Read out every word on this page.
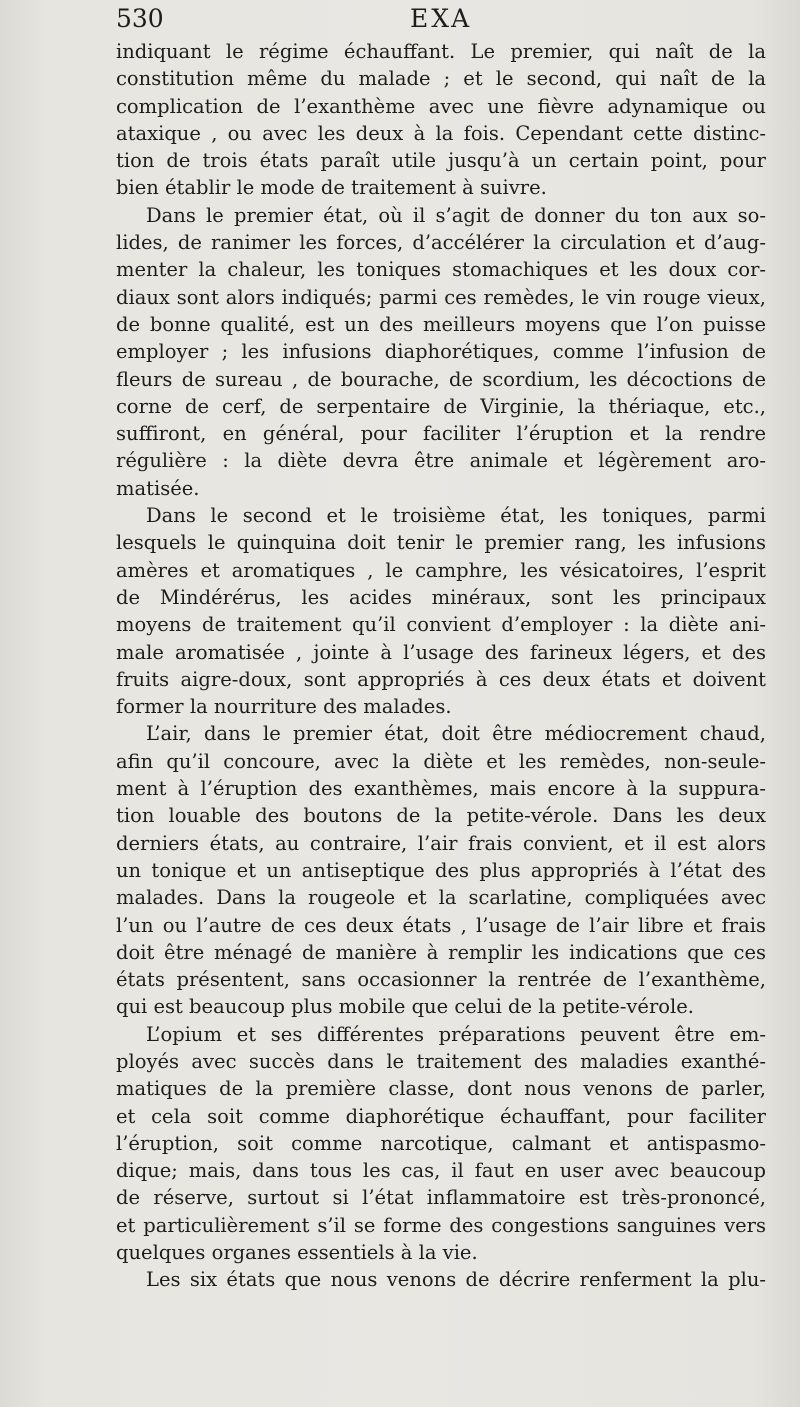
530	EXA
indiquant le régime échauffant. Le premier, qui naît de la
constitution même du malade ; et le second, qui naît de la
complication de l’exanthème avec une fièvre adynamique ou
ataxique , ou avec les deux à la fois. Cependant cette distinc-
tion de trois états paraît utile jusqu’à un certain point, pour
bien établir le mode de traitement à suivre.
Dans le premier état, où il s’agit de donner du ton aux so-
lides, de ranimer les forces, d’accélérer la circulation et d’aug-
menter la chaleur, les toniques stomachiques et les doux cor-
diaux sont alors indiqués; parmi ces remèdes, le vin rouge vieux,
de bonne qualité, est un des meilleurs moyens que l’on puisse
employer ; les infusions diaphorétiques, comme l’infusion de
fleurs de sureau , de bourache, de scordium, les décoctions de
corne de cerf, de serpentaire de Virginie, la thériaque, etc.,
suffiront, en général, pour faciliter l’éruption et la rendre
régulière : la diète devra être animale et légèrement aro-
matisée.
Dans le second et le troisième état, les toniques, parmi
lesquels le quinquina doit tenir le premier rang, les infusions
amères et aromatiques , le camphre, les vésicatoires, l’esprit
de Mindérérus, les acides minéraux, sont les principaux
moyens de traitement qu’il convient d’employer : la diète ani-
male aromatisée , jointe à l’usage des farineux légers, et des
fruits aigre-doux, sont appropriés à ces deux états et doivent
former la nourriture des malades.
L’air, dans le premier état, doit être médiocrement chaud,
afin qu’il concoure, avec la diète et les remèdes, non-seule-
ment à l’éruption des exanthèmes, mais encore à la suppura-
tion louable des boutons de la petite-vérole. Dans les deux
derniers états, au contraire, l’air frais convient, et il est alors
un tonique et un antiseptique des plus appropriés à l’état des
malades. Dans la rougeole et la scarlatine, compliquées avec
l’un ou l’autre de ces deux états , l’usage de l’air libre et frais
doit être ménagé de manière à remplir les indications que ces
états présentent, sans occasionner la rentrée de l’exanthème,
qui est beaucoup plus mobile que celui de la petite-vérole.
L’opium et ses différentes préparations peuvent être em-
ployés avec succès dans le traitement des maladies exanthé-
matiques de la première classe, dont nous venons de parler,
et cela soit comme diaphorétique échauffant, pour faciliter
l’éruption, soit comme narcotique, calmant et antispasmo-
dique; mais, dans tous les cas, il faut en user avec beaucoup
de réserve, surtout si l’état inflammatoire est très-prononcé,
et particulièrement s’il se forme des congestions sanguines vers
quelques organes essentiels à la vie.
Les six états que nous venons de décrire renferment la plu-
